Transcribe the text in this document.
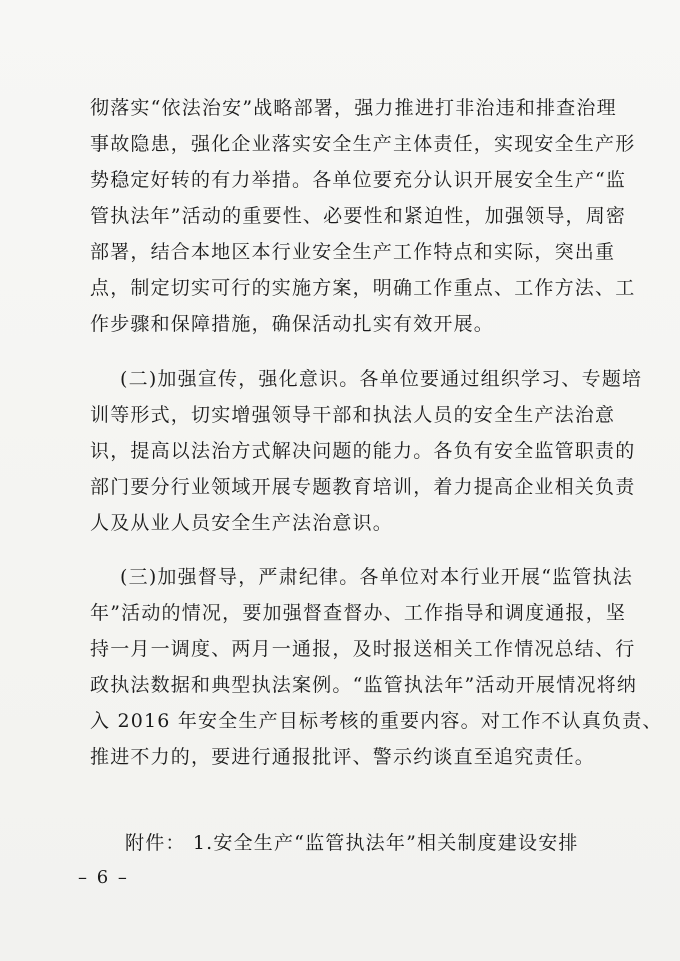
彻落实“依法治安”战略部署，强力推进打非治违和排查治理
事故隐患，强化企业落实安全生产主体责任，实现安全生产形
势稳定好转的有力举措。各单位要充分认识开展安全生产“监
管执法年”活动的重要性、必要性和紧迫性，加强领导，周密
部署，结合本地区本行业安全生产工作特点和实际，突出重
点，制定切实可行的实施方案，明确工作重点、工作方法、工
作步骤和保障措施，确保活动扎实有效开展。
(二)加强宣传，强化意识。各单位要通过组织学习、专题培
训等形式，切实增强领导干部和执法人员的安全生产法治意
识，提高以法治方式解决问题的能力。各负有安全监管职责的
部门要分行业领域开展专题教育培训，着力提高企业相关负责
人及从业人员安全生产法治意识。
(三)加强督导，严肃纪律。各单位对本行业开展“监管执法
年”活动的情况，要加强督查督办、工作指导和调度通报，坚
持一月一调度、两月一通报，及时报送相关工作情况总结、行
政执法数据和典型执法案例。“监管执法年”活动开展情况将纳
入 2016 年安全生产目标考核的重要内容。对工作不认真负责、
推进不力的，要进行通报批评、警示约谈直至追究责任。
附件： 1.安全生产“监管执法年”相关制度建设安排
– 6 –
